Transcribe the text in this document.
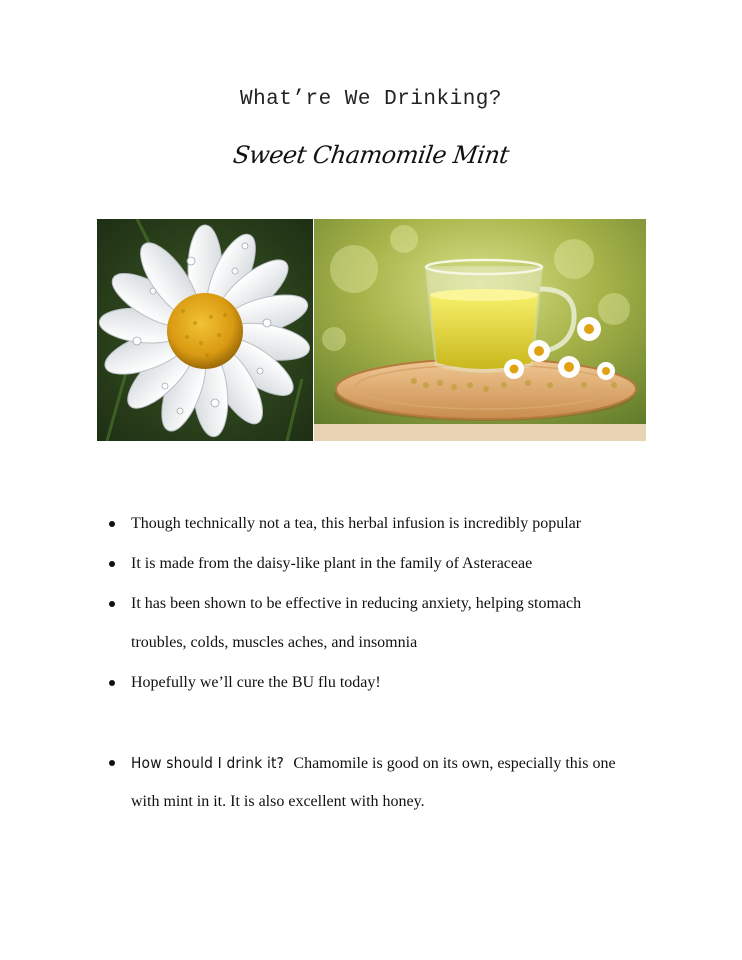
What’re We Drinking?
Sweet Chamomile Mint
Though technically not a tea, this herbal infusion is incredibly popular
It is made from the daisy-like plant in the family of Asteraceae
It has been shown to be effective in reducing anxiety, helping stomach
troubles, colds, muscles aches, and insomnia
Hopefully we’ll cure the BU flu today!
How should I drink it? Chamomile is good on its own, especially this one
with mint in it. It is also excellent with honey.
